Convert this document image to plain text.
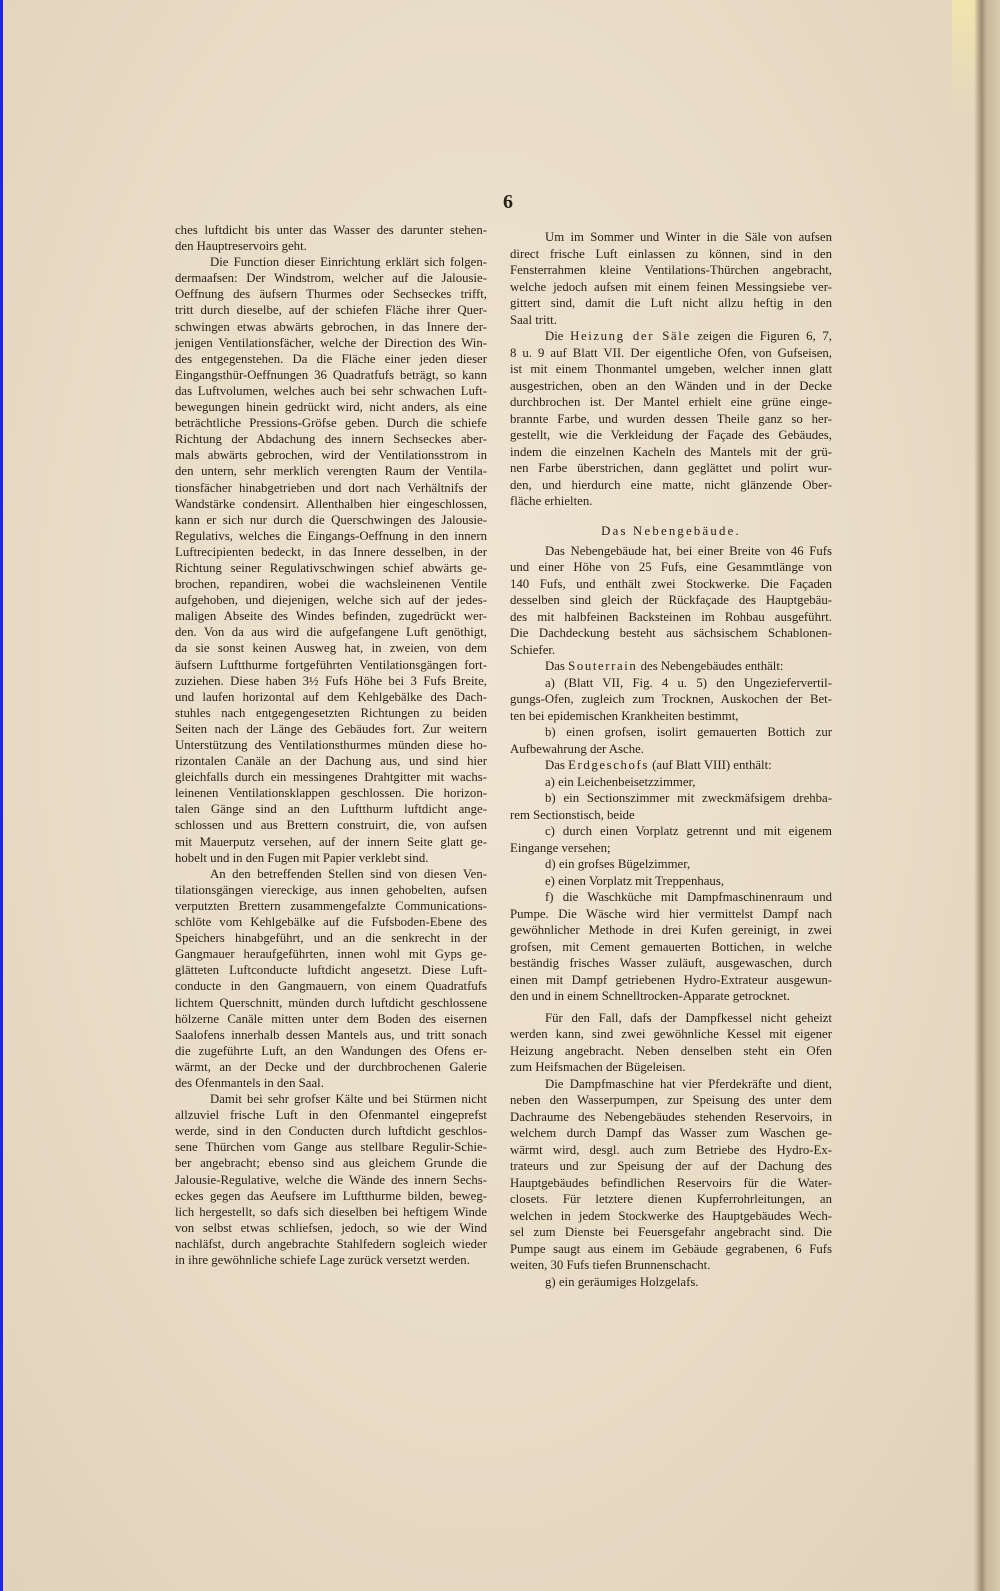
6
ches luftdicht bis unter das Wasser des darunter stehen-
den Hauptreservoirs geht.
Die Function dieser Einrichtung erklärt sich folgen-
dermaafsen: Der Windstrom, welcher auf die Jalousie-
Oeffnung des äufsern Thurmes oder Sechseckes trifft,
tritt durch dieselbe, auf der schiefen Fläche ihrer Quer-
schwingen etwas abwärts gebrochen, in das Innere der-
jenigen Ventilationsfächer, welche der Direction des Win-
des entgegenstehen. Da die Fläche einer jeden dieser
Eingangsthür-Oeffnungen 36 Quadratfufs beträgt, so kann
das Luftvolumen, welches auch bei sehr schwachen Luft-
bewegungen hinein gedrückt wird, nicht anders, als eine
beträchtliche Pressions-Gröfse geben. Durch die schiefe
Richtung der Abdachung des innern Sechseckes aber-
mals abwärts gebrochen, wird der Ventilationsstrom in
den untern, sehr merklich verengten Raum der Ventila-
tionsfächer hinabgetrieben und dort nach Verhältnifs der
Wandstärke condensirt. Allenthalben hier eingeschlossen,
kann er sich nur durch die Querschwingen des Jalousie-
Regulativs, welches die Eingangs-Oeffnung in den innern
Luftrecipienten bedeckt, in das Innere desselben, in der
Richtung seiner Regulativschwingen schief abwärts ge-
brochen, repandiren, wobei die wachsleinenen Ventile
aufgehoben, und diejenigen, welche sich auf der jedes-
maligen Abseite des Windes befinden, zugedrückt wer-
den. Von da aus wird die aufgefangene Luft genöthigt,
da sie sonst keinen Ausweg hat, in zweien, von dem
äufsern Luftthurme fortgeführten Ventilationsgängen fort-
zuziehen. Diese haben 3½ Fufs Höhe bei 3 Fufs Breite,
und laufen horizontal auf dem Kehlgebälke des Dach-
stuhles nach entgegengesetzten Richtungen zu beiden
Seiten nach der Länge des Gebäudes fort. Zur weitern
Unterstützung des Ventilationsthurmes münden diese ho-
rizontalen Canäle an der Dachung aus, und sind hier
gleichfalls durch ein messingenes Drahtgitter mit wachs-
leinenen Ventilationsklappen geschlossen. Die horizon-
talen Gänge sind an den Luftthurm luftdicht ange-
schlossen und aus Brettern construirt, die, von aufsen
mit Mauerputz versehen, auf der innern Seite glatt ge-
hobelt und in den Fugen mit Papier verklebt sind.
An den betreffenden Stellen sind von diesen Ven-
tilationsgängen viereckige, aus innen gehobelten, aufsen
verputzten Brettern zusammengefalzte Communications-
schlöte vom Kehlgebälke auf die Fufsboden-Ebene des
Speichers hinabgeführt, und an die senkrecht in der
Gangmauer heraufgeführten, innen wohl mit Gyps ge-
glätteten Luftconducte luftdicht angesetzt. Diese Luft-
conducte in den Gangmauern, von einem Quadratfufs
lichtem Querschnitt, münden durch luftdicht geschlossene
hölzerne Canäle mitten unter dem Boden des eisernen
Saalofens innerhalb dessen Mantels aus, und tritt sonach
die zugeführte Luft, an den Wandungen des Ofens er-
wärmt, an der Decke und der durchbrochenen Galerie
des Ofenmantels in den Saal.
Damit bei sehr grofser Kälte und bei Stürmen nicht
allzuviel frische Luft in den Ofenmantel eingeprefst
werde, sind in den Conducten durch luftdicht geschlos-
sene Thürchen vom Gange aus stellbare Regulir-Schie-
ber angebracht; ebenso sind aus gleichem Grunde die
Jalousie-Regulative, welche die Wände des innern Sechs-
eckes gegen das Aeufsere im Luftthurme bilden, beweg-
lich hergestellt, so dafs sich dieselben bei heftigem Winde
von selbst etwas schliefsen, jedoch, so wie der Wind
nachläfst, durch angebrachte Stahlfedern sogleich wieder
in ihre gewöhnliche schiefe Lage zurück versetzt werden.
Um im Sommer und Winter in die Säle von aufsen
direct frische Luft einlassen zu können, sind in den
Fensterrahmen kleine Ventilations-Thürchen angebracht,
welche jedoch aufsen mit einem feinen Messingsiebe ver-
gittert sind, damit die Luft nicht allzu heftig in den
Saal tritt.
Die Heizung der Säle zeigen die Figuren 6, 7,
8 u. 9 auf Blatt VII. Der eigentliche Ofen, von Gufseisen,
ist mit einem Thonmantel umgeben, welcher innen glatt
ausgestrichen, oben an den Wänden und in der Decke
durchbrochen ist. Der Mantel erhielt eine grüne einge-
brannte Farbe, und wurden dessen Theile ganz so her-
gestellt, wie die Verkleidung der Façade des Gebäudes,
indem die einzelnen Kacheln des Mantels mit der grü-
nen Farbe überstrichen, dann geglättet und polirt wur-
den, und hierdurch eine matte, nicht glänzende Ober-
fläche erhielten.
Das Nebengebäude.
Das Nebengebäude hat, bei einer Breite von 46 Fufs
und einer Höhe von 25 Fufs, eine Gesammtlänge von
140 Fufs, und enthält zwei Stockwerke. Die Façaden
desselben sind gleich der Rückfaçade des Hauptgebäu-
des mit halbfeinen Backsteinen im Rohbau ausgeführt.
Die Dachdeckung besteht aus sächsischem Schablonen-
Schiefer.
Das Souterrain des Nebengebäudes enthält:
a) (Blatt VII, Fig. 4 u. 5) den Ungeziefervertil-
gungs-Ofen, zugleich zum Trocknen, Auskochen der Bet-
ten bei epidemischen Krankheiten bestimmt,
b) einen grofsen, isolirt gemauerten Bottich zur
Aufbewahrung der Asche.
Das Erdgeschofs (auf Blatt VIII) enthält:
a) ein Leichenbeisetzzimmer,
b) ein Sectionszimmer mit zweckmäfsigem drehba-
rem Sectionstisch, beide
c) durch einen Vorplatz getrennt und mit eigenem
Eingange versehen;
d) ein grofses Bügelzimmer,
e) einen Vorplatz mit Treppenhaus,
f) die Waschküche mit Dampfmaschinenraum und
Pumpe. Die Wäsche wird hier vermittelst Dampf nach
gewöhnlicher Methode in drei Kufen gereinigt, in zwei
grofsen, mit Cement gemauerten Bottichen, in welche
beständig frisches Wasser zuläuft, ausgewaschen, durch
einen mit Dampf getriebenen Hydro-Extrateur ausgewun-
den und in einem Schnelltrocken-Apparate getrocknet.
Für den Fall, dafs der Dampfkessel nicht geheizt
werden kann, sind zwei gewöhnliche Kessel mit eigener
Heizung angebracht. Neben denselben steht ein Ofen
zum Heifsmachen der Bügeleisen.
Die Dampfmaschine hat vier Pferdekräfte und dient,
neben den Wasserpumpen, zur Speisung des unter dem
Dachraume des Nebengebäudes stehenden Reservoirs, in
welchem durch Dampf das Wasser zum Waschen ge-
wärmt wird, desgl. auch zum Betriebe des Hydro-Ex-
trateurs und zur Speisung der auf der Dachung des
Hauptgebäudes befindlichen Reservoirs für die Water-
closets. Für letztere dienen Kupferrohrleitungen, an
welchen in jedem Stockwerke des Hauptgebäudes Wech-
sel zum Dienste bei Feuersgefahr angebracht sind. Die
Pumpe saugt aus einem im Gebäude gegrabenen, 6 Fufs
weiten, 30 Fufs tiefen Brunnenschacht.
g) ein geräumiges Holzgelafs.
